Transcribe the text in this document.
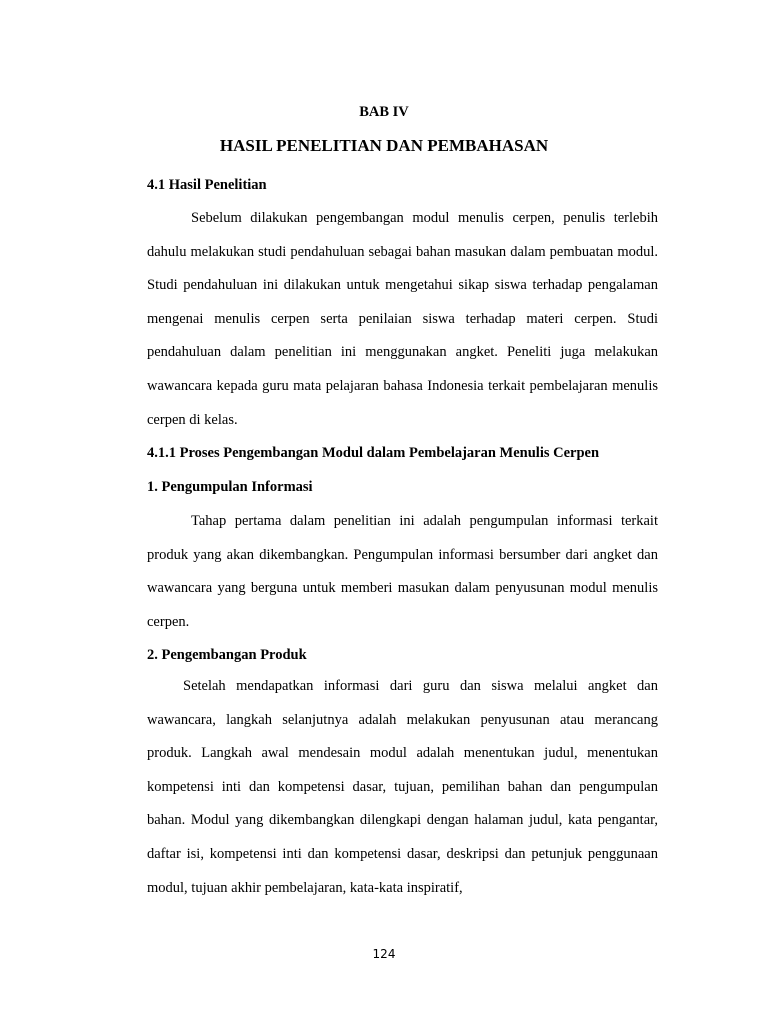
BAB IV
HASIL PENELITIAN DAN PEMBAHASAN
4.1 Hasil Penelitian
Sebelum dilakukan pengembangan modul menulis cerpen, penulis terlebih dahulu melakukan studi pendahuluan sebagai bahan masukan dalam pembuatan modul. Studi pendahuluan ini dilakukan untuk mengetahui sikap siswa terhadap pengalaman mengenai menulis cerpen serta penilaian siswa terhadap materi cerpen. Studi pendahuluan dalam penelitian ini menggunakan angket. Peneliti juga melakukan wawancara kepada guru mata pelajaran bahasa Indonesia terkait pembelajaran menulis cerpen di kelas.
4.1.1 Proses Pengembangan Modul dalam Pembelajaran Menulis Cerpen
1. Pengumpulan Informasi
Tahap pertama dalam penelitian ini adalah pengumpulan informasi terkait produk yang akan dikembangkan. Pengumpulan informasi bersumber dari angket dan wawancara yang berguna untuk memberi masukan dalam penyusunan modul menulis cerpen.
2. Pengembangan Produk
Setelah mendapatkan informasi dari guru dan siswa melalui angket dan wawancara, langkah selanjutnya adalah melakukan penyusunan atau merancang produk. Langkah awal mendesain modul adalah menentukan judul, menentukan kompetensi inti dan kompetensi dasar, tujuan, pemilihan bahan dan pengumpulan bahan. Modul yang dikembangkan dilengkapi dengan halaman judul, kata pengantar, daftar isi, kompetensi inti dan kompetensi dasar, deskripsi dan petunjuk penggunaan modul, tujuan akhir pembelajaran, kata-kata inspiratif,
124
